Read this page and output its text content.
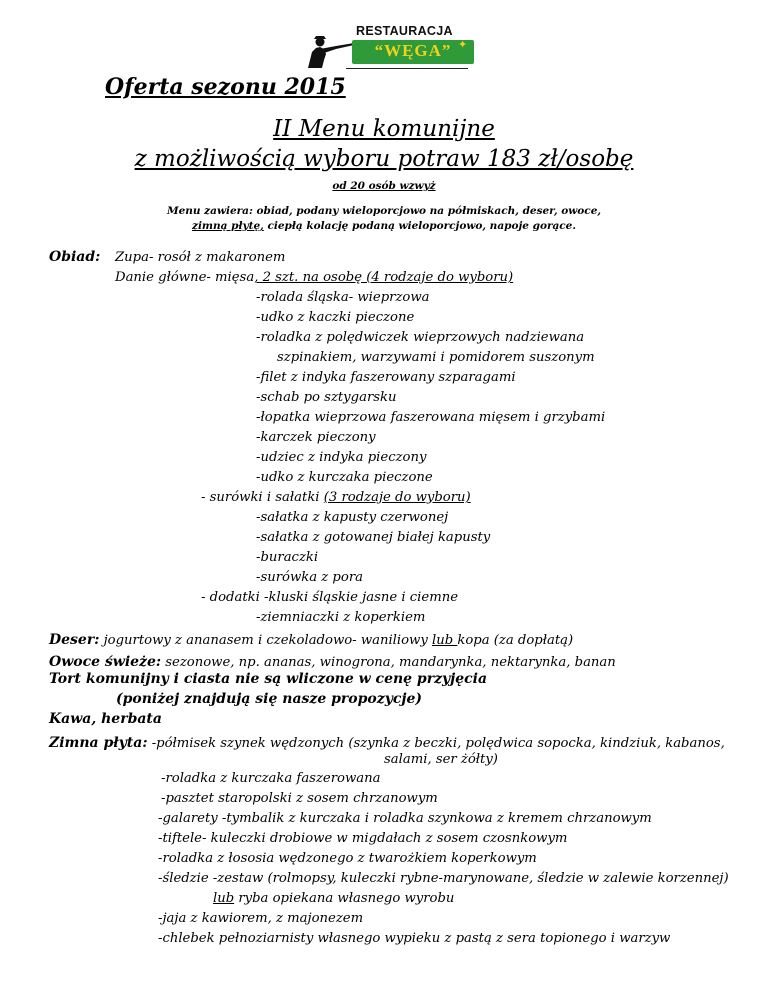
RESTAURACJA
“WĘGA” ✦
Oferta sezonu 2015
II Menu komunijne
z możliwością wyboru potraw 183 zł/osobę
od 20 osób wzwyż
Menu zawiera: obiad, podany wieloporcjowo na półmiskach, deser, owoce,
zimną płytę, ciepłą kolację podaną wieloporcjowo, napoje gorące.
Obiad: Zupa- rosół z makaronem
Danie główne- mięsa, 2 szt. na osobę (4 rodzaje do wyboru)
-rolada śląska- wieprzowa
-udko z kaczki pieczone
-roladka z polędwiczek wieprzowych nadziewana
szpinakiem, warzywami i pomidorem suszonym
-filet z indyka faszerowany szparagami
-schab po sztygarsku
-łopatka wieprzowa faszerowana mięsem i grzybami
-karczek pieczony
-udziec z indyka pieczony
-udko z kurczaka pieczone
- surówki i sałatki (3 rodzaje do wyboru)
-sałatka z kapusty czerwonej
-sałatka z gotowanej białej kapusty
-buraczki
-surówka z pora
- dodatki -kluski śląskie jasne i ciemne
-ziemniaczki z koperkiem
Deser: jogurtowy z ananasem i czekoladowo- waniliowy lub kopa (za dopłatą)
Owoce świeże: sezonowe, np. ananas, winogrona, mandarynka, nektarynka, banan
Tort komunijny i ciasta nie są wliczone w cenę przyjęcia
(poniżej znajdują się nasze propozycje)
Kawa, herbata
Zimna płyta: -półmisek szynek wędzonych (szynka z beczki, polędwica sopocka, kindziuk, kabanos,
salami, ser żółty)
-roladka z kurczaka faszerowana
-pasztet staropolski z sosem chrzanowym
-galarety -tymbalik z kurczaka i roladka szynkowa z kremem chrzanowym
-tiftele- kuleczki drobiowe w migdałach z sosem czosnkowym
-roladka z łososia wędzonego z twarożkiem koperkowym
-śledzie -zestaw (rolmopsy, kuleczki rybne-marynowane, śledzie w zalewie korzennej)
lub ryba opiekana własnego wyrobu
-jaja z kawiorem, z majonezem
-chlebek pełnoziarnisty własnego wypieku z pastą z sera topionego i warzyw
